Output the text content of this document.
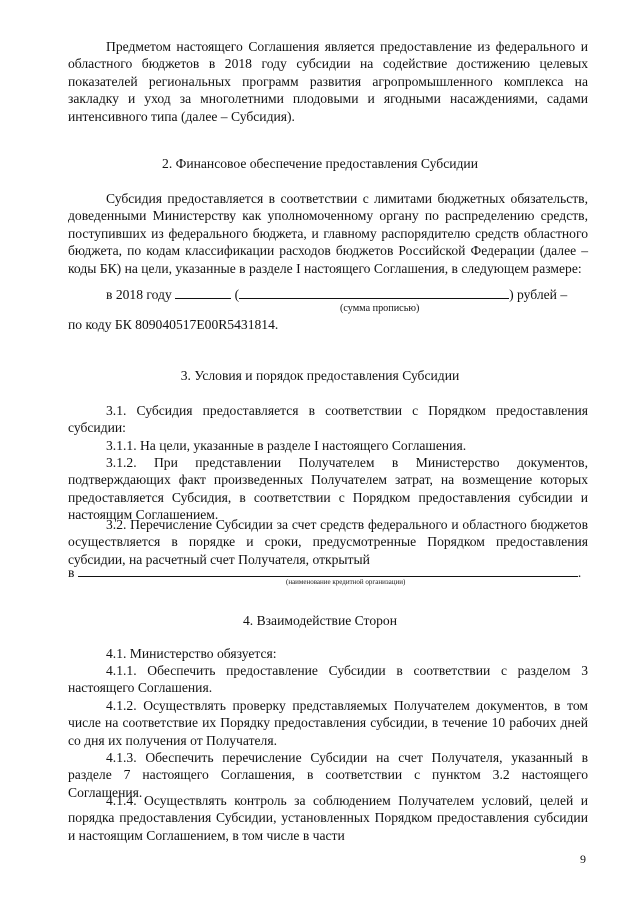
Предметом настоящего Соглашения является предоставление из федерального и областного бюджетов в 2018 году субсидии на содействие достижению целевых показателей региональных программ развития агропромышленного комплекса на закладку и уход за многолетними плодовыми и ягодными насаждениями, садами интенсивного типа (далее – Субсидия).
2. Финансовое обеспечение предоставления Субсидии
Субсидия предоставляется в соответствии с лимитами бюджетных обязательств, доведенными Министерству как уполномоченному органу по распределению средств, поступивших из федерального бюджета, и главному распорядителю средств областного бюджета, по кодам классификации расходов бюджетов Российской Федерации (далее – коды БК) на цели, указанные в разделе I настоящего Соглашения, в следующем размере:
в 2018 году	(	) рублей –
(сумма прописью)
по коду БК 809040517E00R5431814.
3. Условия и порядок предоставления Субсидии
3.1. Субсидия предоставляется в соответствии с Порядком предоставления субсидии:
3.1.1. На цели, указанные в разделе I настоящего Соглашения.
3.1.2. При представлении Получателем в Министерство документов, подтверждающих факт произведенных Получателем затрат, на возмещение которых предоставляется Субсидия, в соответствии с Порядком предоставления субсидии и настоящим Соглашением.
3.2. Перечисление Субсидии за счет средств федерального и областного бюджетов осуществляется в порядке и сроки, предусмотренные Порядком предоставления субсидии, на расчетный счет Получателя, открытый
в	.
(наименование кредитной организации)
4. Взаимодействие Сторон
4.1. Министерство обязуется:
4.1.1. Обеспечить предоставление Субсидии в соответствии с разделом 3 настоящего Соглашения.
4.1.2. Осуществлять проверку представляемых Получателем документов, в том числе на соответствие их Порядку предоставления субсидии, в течение 10 рабочих дней со дня их получения от Получателя.
4.1.3. Обеспечить перечисление Субсидии на счет Получателя, указанный в разделе 7 настоящего Соглашения, в соответствии с пунктом 3.2 настоящего Соглашения.
4.1.4. Осуществлять контроль за соблюдением Получателем условий, целей и порядка предоставления Субсидии, установленных Порядком предоставления субсидии и настоящим Соглашением, в том числе в части
9
